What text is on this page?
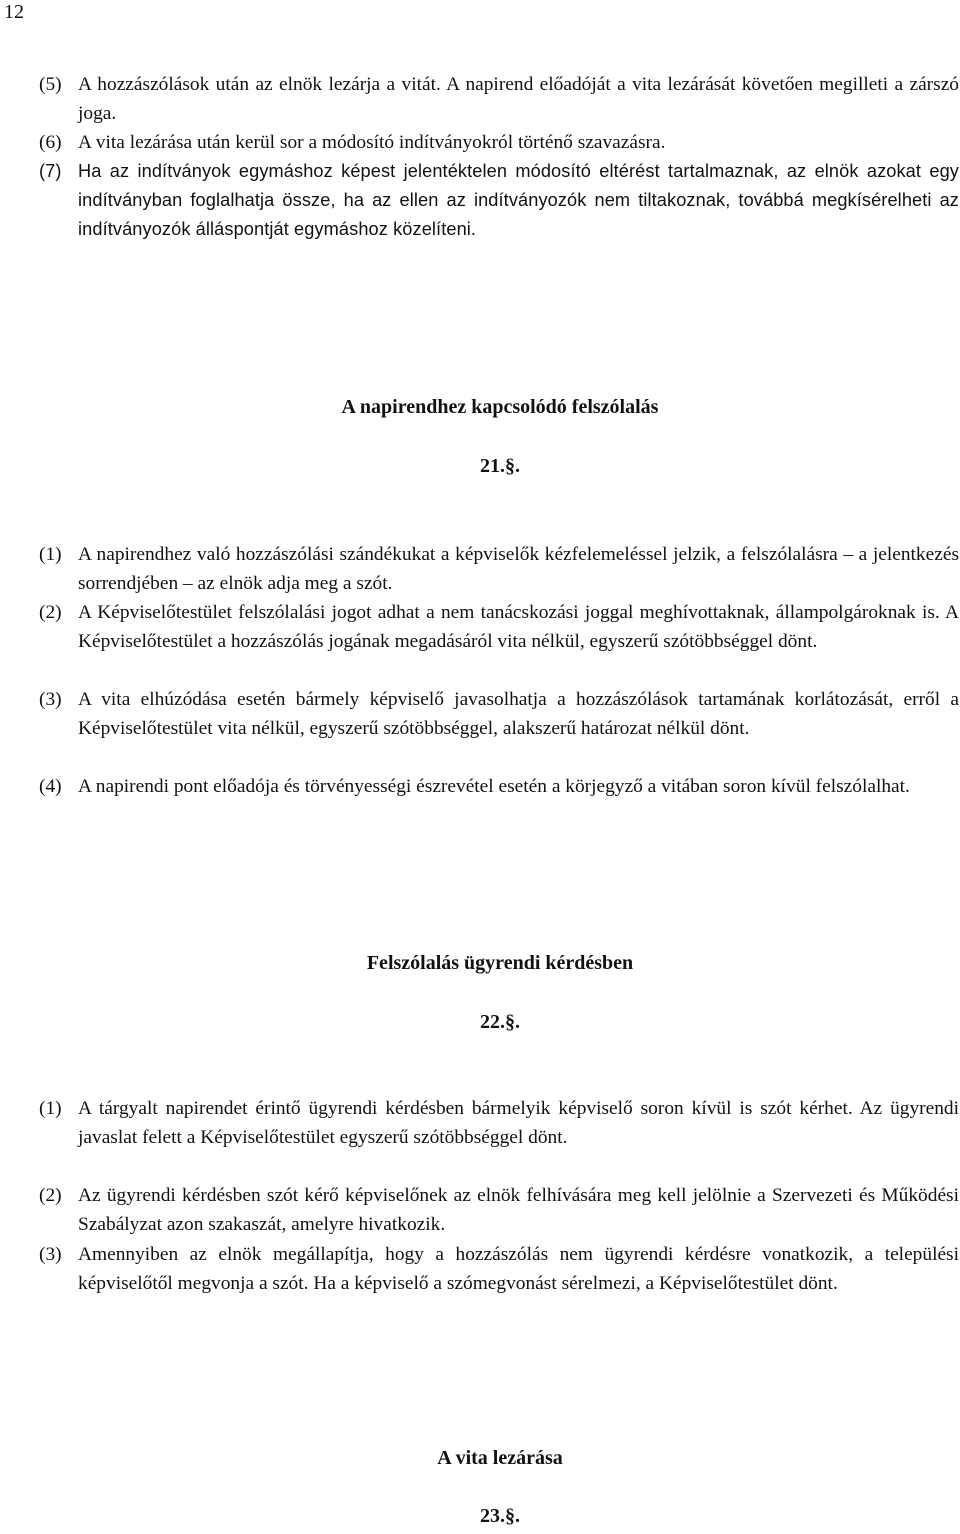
12
(5) A hozzászólások után az elnök lezárja a vitát. A napirend előadóját a vita lezárását követően megilleti a zárszó joga.
(6) A vita lezárása után kerül sor a módosító indítványokról történő szavazásra.
(7) Ha az indítványok egymáshoz képest jelentéktelen módosító eltérést tartalmaznak, az elnök azokat egy indítványban foglalhatja össze, ha az ellen az indítványozók nem tiltakoznak, továbbá megkísérelheti az indítványozók álláspontját egymáshoz közelíteni.
A napirendhez kapcsolódó felszólalás
21.§.
(1) A napirendhez való hozzászólási szándékukat a képviselők kézfelemeléssel jelzik, a felszólalásra – a jelentkezés sorrendjében – az elnök adja meg a szót.
(2) A Képviselőtestület felszólalási jogot adhat a nem tanácskozási joggal meghívottaknak, állampolgároknak is. A Képviselőtestület a hozzászólás jogának megadásáról vita nélkül, egyszerű szótöbbséggel dönt.
(3) A vita elhúzódása esetén bármely képviselő javasolhatja a hozzászólások tartamának korlátozását, erről a Képviselőtestület vita nélkül, egyszerű szótöbbséggel, alakszerű határozat nélkül dönt.
(4) A napirendi pont előadója és törvényességi észrevétel esetén a körjegyző a vitában soron kívül felszólalhat.
Felszólalás ügyrendi kérdésben
22.§.
(1) A tárgyalt napirendet érintő ügyrendi kérdésben bármelyik képviselő soron kívül is szót kérhet. Az ügyrendi javaslat felett a Képviselőtestület egyszerű szótöbbséggel dönt.
(2) Az ügyrendi kérdésben szót kérő képviselőnek az elnök felhívására meg kell jelölnie a Szervezeti és Működési Szabályzat azon szakaszát, amelyre hivatkozik.
(3) Amennyiben az elnök megállapítja, hogy a hozzászólás nem ügyrendi kérdésre vonatkozik, a települési képviselőtől megvonja a szót. Ha a képviselő a szómegvonást sérelmezi, a Képviselőtestület dönt.
A vita lezárása
23.§.
